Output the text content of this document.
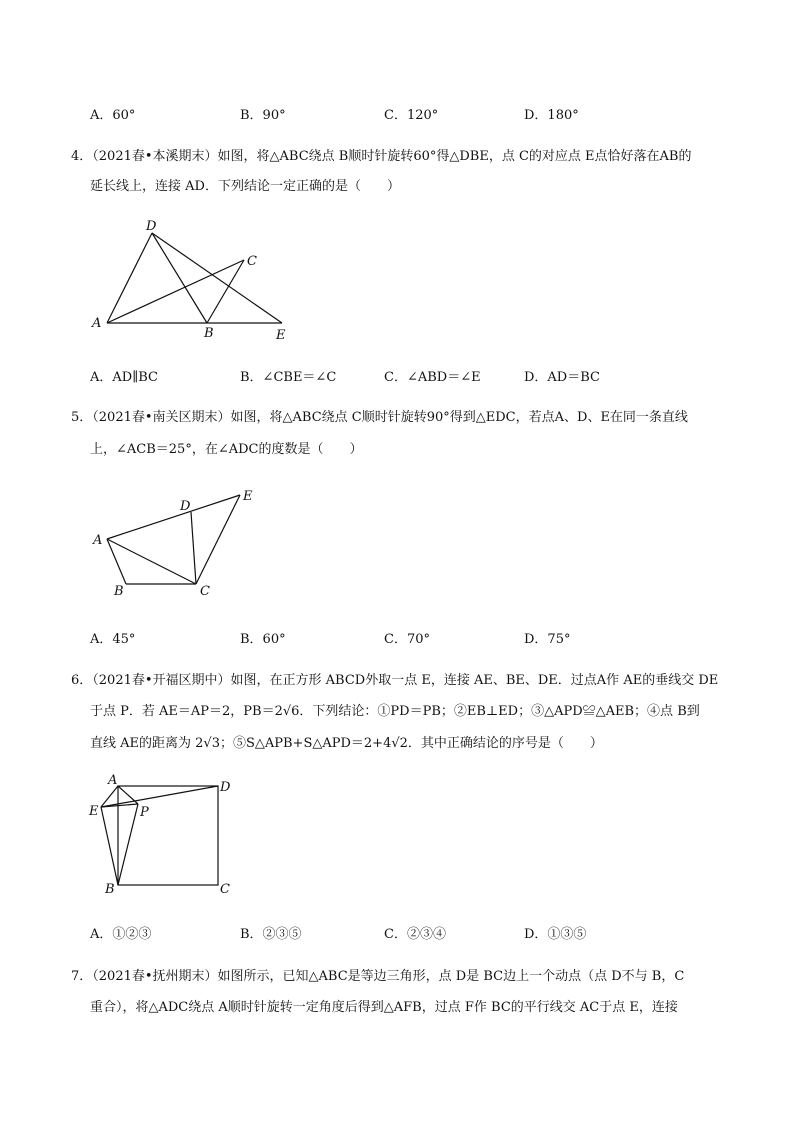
A．60°	B．90°	C．120°	D．180°
4．（2021春•本溪期末）如图，将△ABC绕点 B顺时针旋转60°得△DBE，点 C的对应点 E点恰好落在AB的
延长线上，连接 AD．下列结论一定正确的是（　　）
D
C
A
B	E
A．AD∥BC	B．∠CBE＝∠C	C．∠ABD＝∠E	D．AD＝BC
5．（2021春•南关区期末）如图，将△ABC绕点 C顺时针旋转90°得到△EDC，若点A、D、E在同一条直线
上，∠ACB＝25°，在∠ADC的度数是（　　）
E
D
A
B	C
A．45°	B．60°	C．70°	D．75°
6．（2021春•开福区期中）如图，在正方形 ABCD外取一点 E，连接 AE、BE、DE．过点A作 AE的垂线交 DE
于点 P．若 AE＝AP＝2，PB＝2√6．下列结论：①PD＝PB；②EB⊥ED；③△APD≌△AEB；④点 B到
直线 AE的距离为 2√3；⑤S△APB+S△APD＝2+4√2．其中正确结论的序号是（　　）
A	D
E	P
B	C
A．①②③	B．②③⑤	C．②③④	D．①③⑤
7．（2021春•抚州期末）如图所示，已知△ABC是等边三角形，点 D是 BC边上一个动点（点 D不与 B，C
重合），将△ADC绕点 A顺时针旋转一定角度后得到△AFB，过点 F作 BC的平行线交 AC于点 E，连接
